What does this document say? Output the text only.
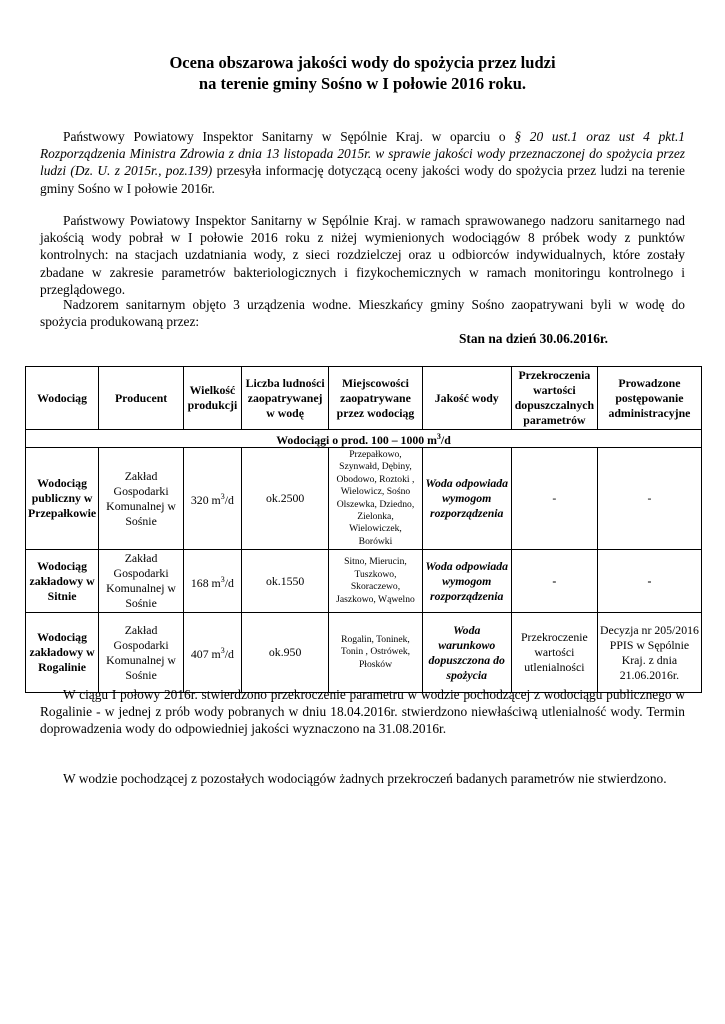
Ocena obszarowa jakości wody do spożycia przez ludzi
na terenie gminy Sośno w I połowie 2016 roku.

Państwowy Powiatowy Inspektor Sanitarny w Sępólnie Kraj. w oparciu o § 20 ust.1 oraz ust 4 pkt.1 Rozporządzenia Ministra Zdrowia z dnia 13 listopada 2015r. w sprawie jakości wody przeznaczonej do spożycia przez ludzi (Dz. U. z 2015r., poz.139) przesyła informację dotyczącą oceny jakości wody do spożycia przez ludzi na terenie gminy Sośno w I połowie 2016r.

Państwowy Powiatowy Inspektor Sanitarny w Sępólnie Kraj. w ramach sprawowanego nadzoru sanitarnego nad jakością wody pobrał w I połowie 2016 roku z niżej wymienionych wodociągów 8 próbek wody z punktów kontrolnych: na stacjach uzdatniania wody, z sieci rozdzielczej oraz u odbiorców indywidualnych, które zostały zbadane w zakresie parametrów bakteriologicznych i fizykochemicznych w ramach monitoringu kontrolnego i przeglądowego.

Nadzorem sanitarnym objęto 3 urządzenia wodne. Mieszkańcy gminy Sośno zaopatrywani byli w wodę do spożycia produkowaną przez:

Stan na dzień 30.06.2016r.

Wodociąg	Producent	Wielkość produkcji	Liczba ludności zaopatrywanej w wodę	Miejscowości zaopatrywane przez wodociąg	Jakość wody	Przekroczenia wartości dopuszczalnych parametrów	Prowadzone postępowanie administracyjne
Wodociągi o prod. 100 – 1000 $m^3/d$							
Wodociąg publiczny w Przepałkowie	Zakład Gospodarki Komunalnej w Sośnie	320 $m^3/d$	ok.2500	Przepałkowo, Szynwałd, Dębiny, Obodowo, Roztoki , Wielowicz, Sośno Olszewka, Dziedno, Zielonka, Wielowiczek, Borówki	Woda odpowiada wymogom rozporządzenia	-	-
Wodociąg zakładowy w Sitnie	Zakład Gospodarki Komunalnej w Sośnie	168 $m^3/d$	ok.1550	Sitno, Mierucin, Tuszkowo, Skoraczewo, Jaszkowo, Wąwelno	Woda odpowiada wymogom rozporządzenia	-	-
Wodociąg zakładowy w Rogalinie	Zakład Gospodarki Komunalnej w Sośnie	407 $m^3/d$	ok.950	Rogalin, Toninek, Tonin , Ostrówek, Płosków	Woda warunkowo dopuszczona do spożycia	Przekroczenie wartości utlenialności	Decyzja nr 205/2016 PPIS w Sępólnie Kraj. z dnia 21.06.2016r.

W ciągu I połowy 2016r. stwierdzono przekroczenie parametru w wodzie pochodzącej z wodociągu publicznego w Rogalinie - w jednej z prób wody pobranych w dniu 18.04.2016r. stwierdzono niewłaściwą utlenialność wody. Termin doprowadzenia wody do odpowiedniej jakości wyznaczono na 31.08.2016r.

W wodzie pochodzącej z pozostałych wodociągów żadnych przekroczeń badanych parametrów nie stwierdzono.
